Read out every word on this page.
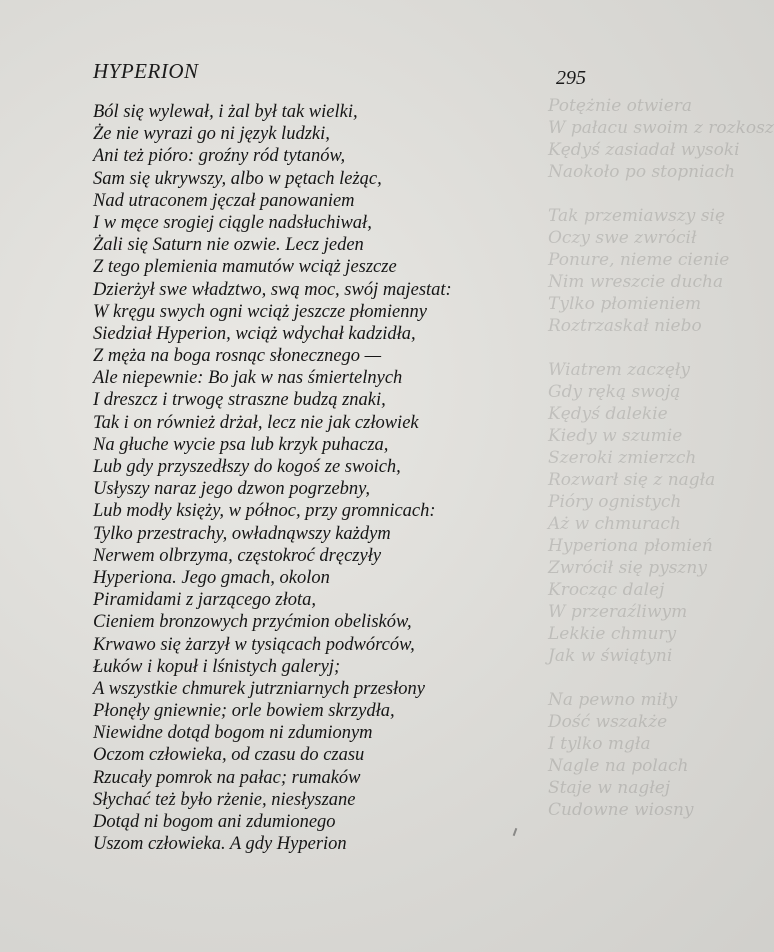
Potężnie otwiera
W pałacu swoim z rozkosz
Kędyś zasiadał wysoki
Naokoło po stopniach

Tak przemiawszy się
Oczy swe zwrócił
Ponure, nieme cienie
Nim wreszcie ducha
Tylko płomieniem
Roztrzaskał niebo

Wiatrem zaczęły
Gdy ręką swoją
Kędyś dalekie
Kiedy w szumie
Szeroki zmierzch
Rozwarł się z nagła
Pióry ognistych
Aż w chmurach
Hyperiona płomień
Zwrócił się pyszny
Krocząc dalej
W przeraźliwym
Lekkie chmury
Jak w świątyni

Na pewno miły
Dość wszakże
I tylko mgła
Nagle na polach
Staje w nagłej
Cudowne wiosny
HYPERION	295
Ból się wylewał, i żal był tak wielki,
Że nie wyrazi go ni język ludzki,
Ani też pióro: groźny ród tytanów,
Sam się ukrywszy, albo w pętach leżąc,
Nad utraconem jęczał panowaniem
I w męce srogiej ciągle nadsłuchiwał,
Żali się Saturn nie ozwie. Lecz jeden
Z tego plemienia mamutów wciąż jeszcze
Dzierżył swe władztwo, swą moc, swój majestat:
W kręgu swych ogni wciąż jeszcze płomienny
Siedział Hyperion, wciąż wdychał kadzidła,
Z męża na boga rosnąc słonecznego —
Ale niepewnie: Bo jak w nas śmiertelnych
I dreszcz i trwogę straszne budzą znaki,
Tak i on również drżał, lecz nie jak człowiek
Na głuche wycie psa lub krzyk puhacza,
Lub gdy przyszedłszy do kogoś ze swoich,
Usłyszy naraz jego dzwon pogrzebny,
Lub modły księży, w północ, przy gromnicach:
Tylko przestrachy, owładnąwszy każdym
Nerwem olbrzyma, częstokroć dręczyły
Hyperiona. Jego gmach, okolon
Piramidami z jarzącego złota,
Cieniem bronzowych przyćmion obelisków,
Krwawo się żarzył w tysiącach podwórców,
Łuków i kopuł i lśnistych galeryj;
A wszystkie chmurek jutrzniarnych przesłony
Płonęły gniewnie; orle bowiem skrzydła,
Niewidne dotąd bogom ni zdumionym
Oczom człowieka, od czasu do czasu
Rzucały pomrok na pałac; rumaków
Słychać też było rżenie, niesłyszane
Dotąd ni bogom ani zdumionego
Uszom człowieka. A gdy Hyperion
